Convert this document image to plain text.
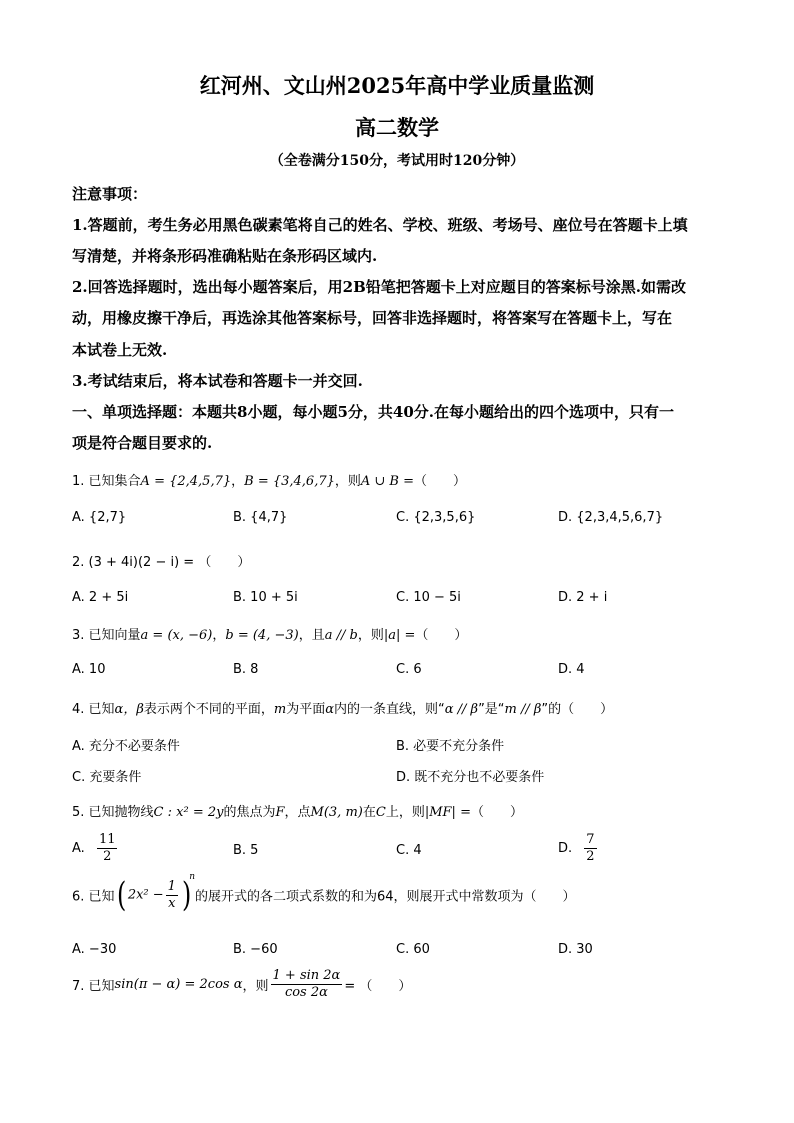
红河州、文山州2025年高中学业质量监测
高二数学
（全卷满分150分，考试用时120分钟）
注意事项：
1.答题前，考生务必用黑色碳素笔将自己的姓名、学校、班级、考场号、座位号在答题卡上填
写清楚，并将条形码准确粘贴在条形码区域内.
2.回答选择题时，选出每小题答案后，用2B铅笔把答题卡上对应题目的答案标号涂黑.如需改
动，用橡皮擦干净后，再选涂其他答案标号，回答非选择题时，将答案写在答题卡上，写在
本试卷上无效.
3.考试结束后，将本试卷和答题卡一并交回.
一、单项选择题：本题共8小题，每小题5分，共40分.在每小题给出的四个选项中，只有一
项是符合题目要求的.
1. 已知集合A = {2,4,5,7}，B = {3,4,6,7}，则A ∪ B =（　　）
A. {2,7}	B. {4,7}	C. {2,3,5,6}	D. {2,3,4,5,6,7}
2. (3 + 4i)(2 − i) = （　　）
A. 2 + 5i	B. 10 + 5i	C. 10 − 5i	D. 2 + i
3. 已知向量a = (x, −6)，b = (4, −3)，且a // b，则|a| =（　　）
A. 10	B. 8	C. 6	D. 4
4. 已知α，β表示两个不同的平面，m为平面α内的一条直线，则“α // β”是“m // β”的（　　）
A. 充分不必要条件	B. 必要不充分条件
C. 充要条件	D. 既不充分也不必要条件
5. 已知抛物线C : x² = 2y的焦点为F，点M(3, m)在C上，则|MF| =（　　）
A. $\frac{11}{2}$	B. 5	C. 4	D. $\frac{7}{2}$
6. 已知( $2x^2 - \frac{1}{x} )^n$的展开式的各二项式系数的和为64，则展开式中常数项为（　　）
A. −30	B. −60	C. 60	D. 30
7. 已知sin(π − α) = 2cos α，则 $\frac{1 + \sin 2\alpha}{\cos 2\alpha}$ = （　　）
